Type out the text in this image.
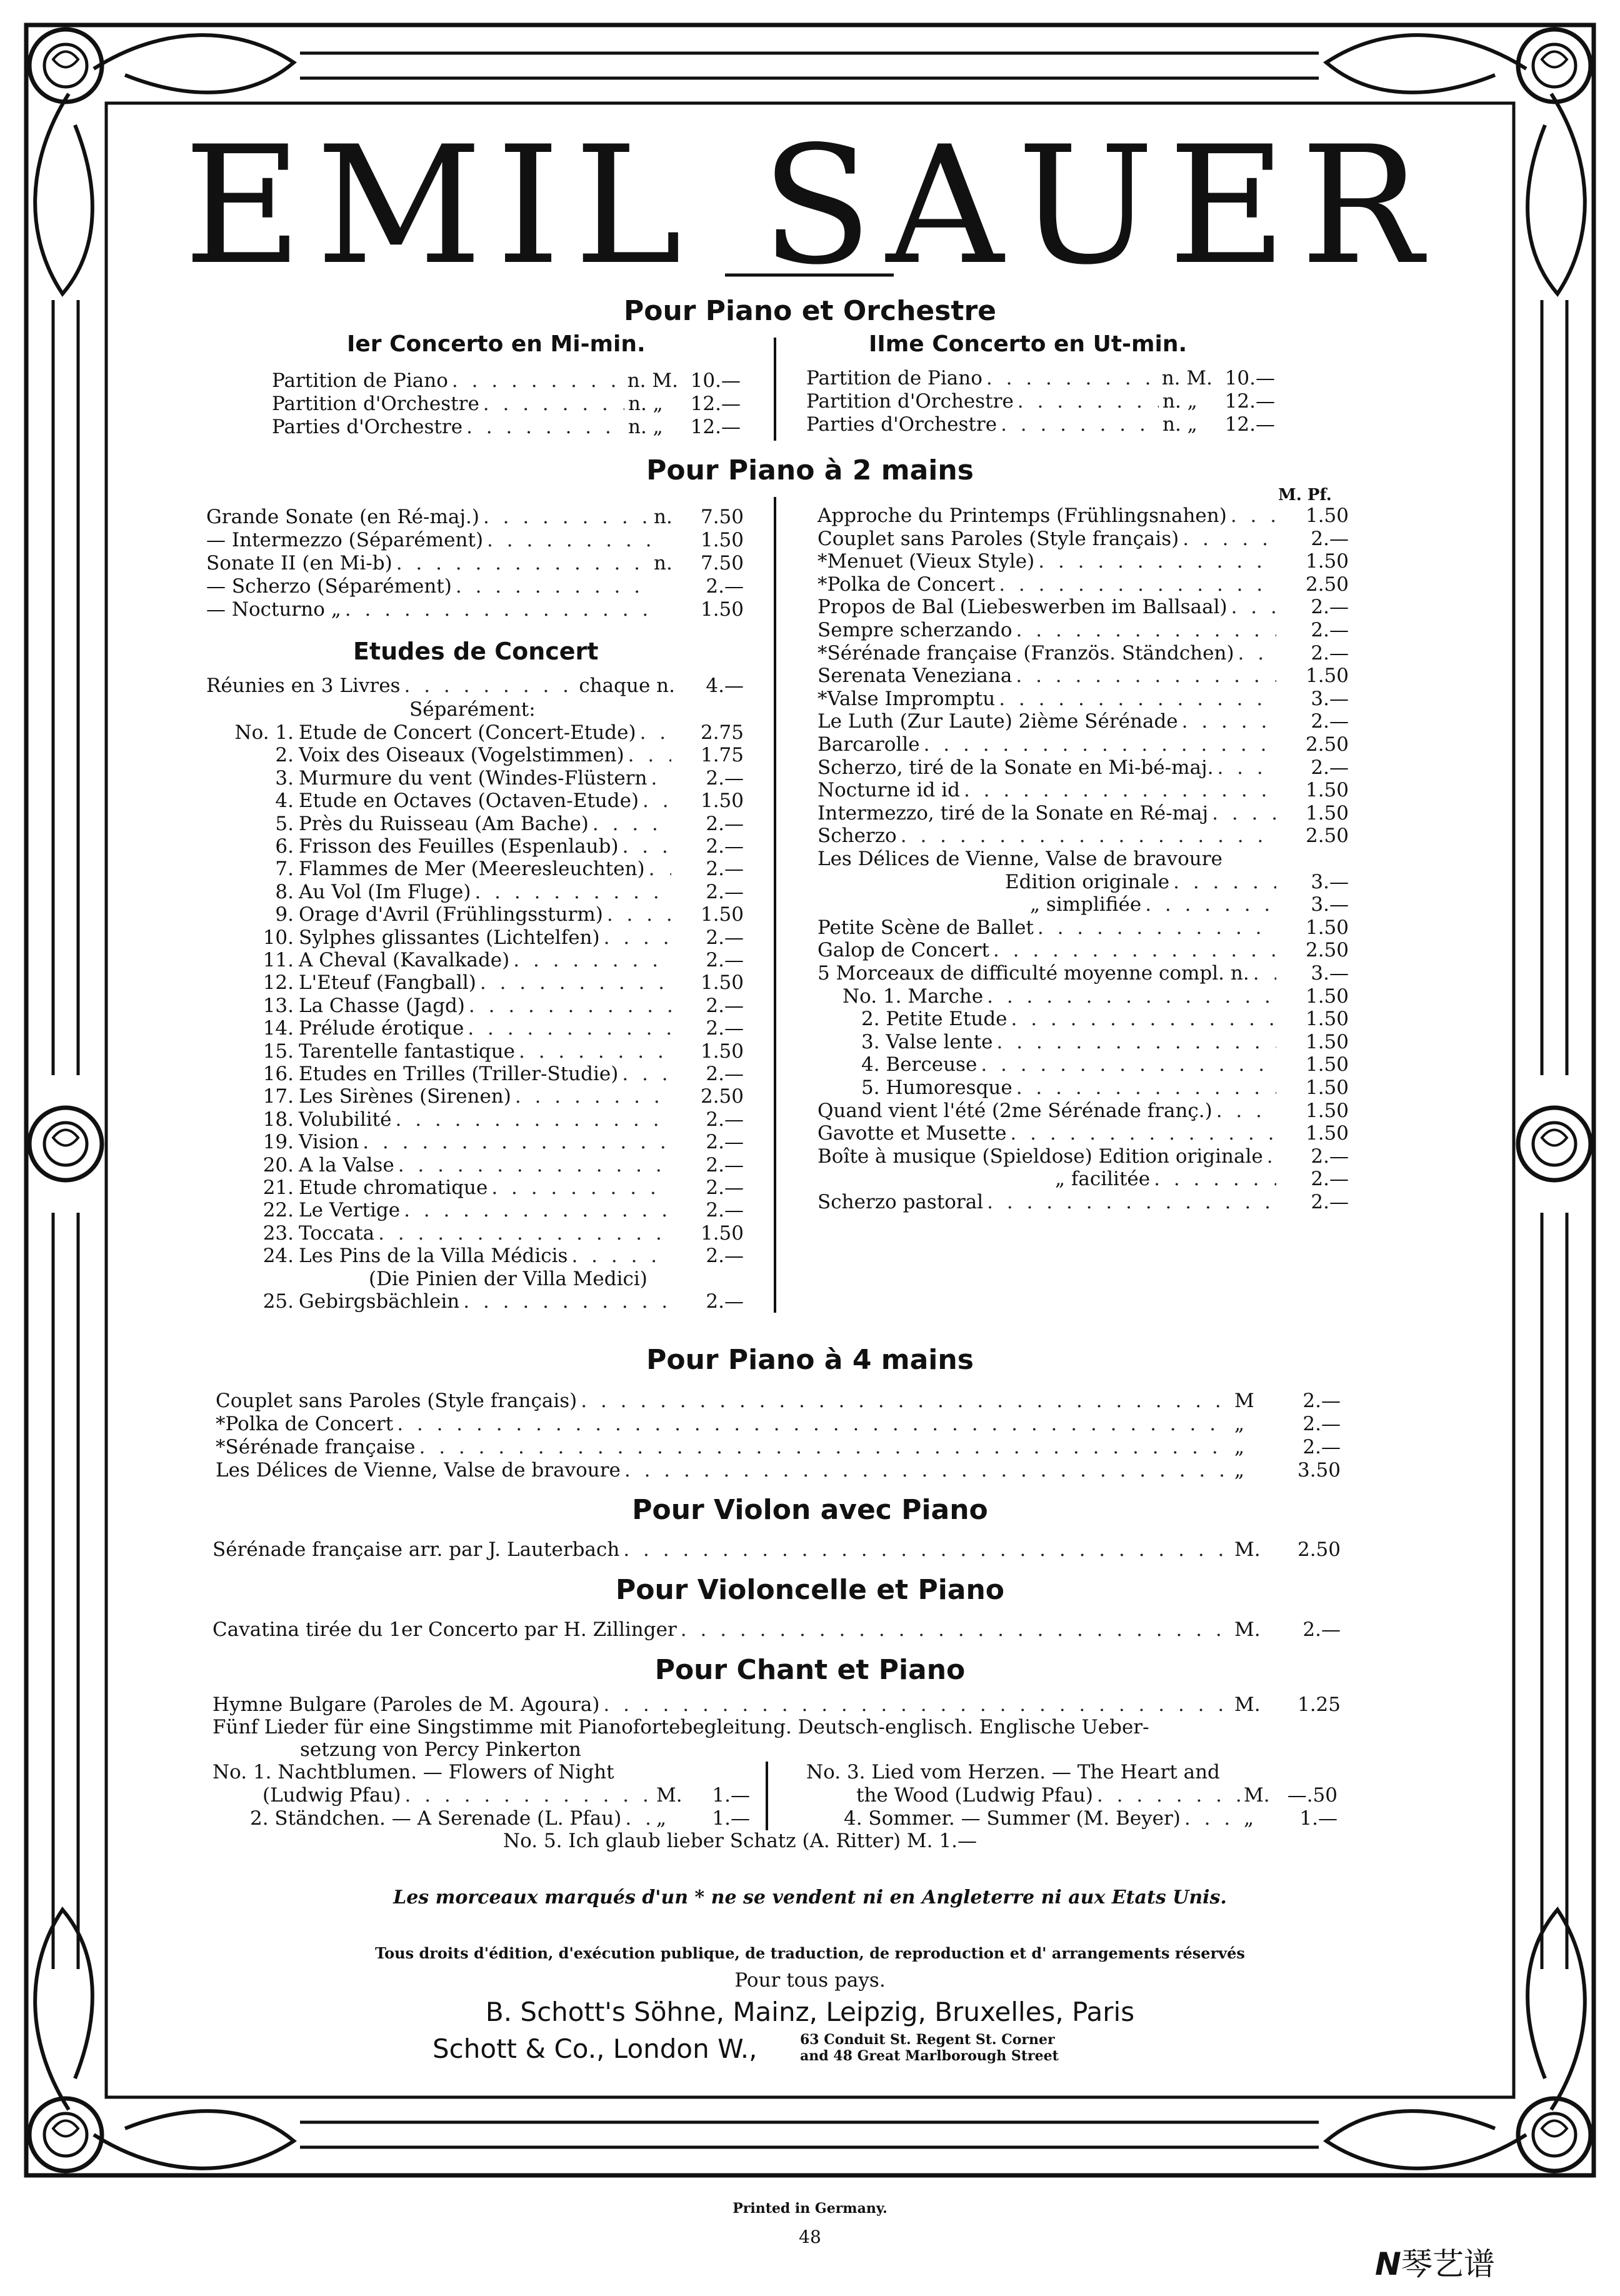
EMIL SAUER
Pour Piano et Orchestre
Ier Concerto en Mi-min.	IIme Concerto en Ut-min.
Partition de Piano . . .	n. M. 10.—
Partition d'Orchestre . . .	n. „	12.—
Parties d'Orchestre . . .	n. „	12.—
Partition de Piano . . .	n. M. 10.—
Partition d'Orchestre . . .	n. „	12.—
Parties d'Orchestre . . .	n. „	12.—
Pour Piano à 2 mains
M. Pf.
Grande Sonate (en Ré-maj.) . . .	n.	7.50
— Intermezzo (Séparément) . . .	1.50
Sonate II (en Mi-b) . . .	n.	7.50
— Scherzo (Séparément) . . .	2.—
— Nocturno „ . . .	1.50
Etudes de Concert
Réunies en 3 Livres . . .	chaque n.	4.—
Séparément:
No. 1. Etude de Concert (Concert-Etude) . . .	2.75
2. Voix des Oiseaux (Vogelstimmen) . . .	1.75
3. Murmure du vent (Windes-Flüstern . . .	2.—
4. Etude en Octaves (Octaven-Etude) . . .	1.50
5. Près du Ruisseau (Am Bache) . . .	2.—
6. Frisson des Feuilles (Espenlaub) . . .	2.—
7. Flammes de Mer (Meeresleuchten) . . .	2.—
8. Au Vol (Im Fluge) . . .	2.—
9. Orage d'Avril (Frühlingssturm) . . .	1.50
10. Sylphes glissantes (Lichtelfen) . . .	2.—
11. A Cheval (Kavalkade) . . .	2.—
12. L'Eteuf (Fangball) . . .	1.50
13. La Chasse (Jagd) . . .	2.—
14. Prélude érotique . . .	2.—
15. Tarentelle fantastique . . .	1.50
16. Etudes en Trilles (Triller-Studie) . . .	2.—
17. Les Sirènes (Sirenen) . . .	2.50
18. Volubilité . . .	2.—
19. Vision . . .	2.—
20. A la Valse . . .	2.—
21. Etude chromatique . . .	2.—
22. Le Vertige . . .	2.—
23. Toccata . . .	1.50
24. Les Pins de la Villa Médicis . . .	2.—
(Die Pinien der Villa Medici)
25. Gebirgsbächlein . . .	2.—
Approche du Printemps (Frühlingsnahen) . . .	1.50
Couplet sans Paroles (Style français) . . .	2.—
*Menuet (Vieux Style) . . .	1.50
*Polka de Concert . . .	2.50
Propos de Bal (Liebeswerben im Ballsaal) . . .	2.—
Sempre scherzando . . .	2.—
*Sérénade française (Französ. Ständchen) . . .	2.—
Serenata Veneziana . . .	1.50
*Valse Impromptu . . .	3.—
Le Luth (Zur Laute) 2ième Sérénade . . .	2.—
Barcarolle . . .	2.50
Scherzo, tiré de la Sonate en Mi-bé-maj. . . .	2.—
Nocturne id id . . .	1.50
Intermezzo, tiré de la Sonate en Ré-maj . . .	1.50
Scherzo . . .	2.50
Les Délices de Vienne, Valse de bravoure
Edition originale . . .	3.—
„ simplifiée . . .	3.—
Petite Scène de Ballet . . .	1.50
Galop de Concert . . .	2.50
5 Morceaux de difficulté moyenne compl. n. . . .	3.—
No. 1. Marche . . .	1.50
2. Petite Etude . . .	1.50
3. Valse lente . . .	1.50
4. Berceuse . . .	1.50
5. Humoresque . . .	1.50
Quand vient l'été (2me Sérénade franç.) . . .	1.50
Gavotte et Musette . . .	1.50
Boîte à musique (Spieldose) Edition originale . . .	2.—
„ facilitée . . .	2.—
Scherzo pastoral . . .	2.—
Pour Piano à 4 mains
Couplet sans Paroles (Style français) . . .	M	2.—
*Polka de Concert . . .	„	2.—
*Sérénade française . . .	„	2.—
Les Délices de Vienne, Valse de bravoure . . .	„	3.50
Pour Violon avec Piano
Sérénade française arr. par J. Lauterbach . . .	M.	2.50
Pour Violoncelle et Piano
Cavatina tirée du 1er Concerto par H. Zillinger . . .	M.	2.—
Pour Chant et Piano
Hymne Bulgare (Paroles de M. Agoura) . . .	M.	1.25
Fünf Lieder für eine Singstimme mit Pianofortebegleitung. Deutsch-englisch. Englische Ueber-
setzung von Percy Pinkerton
No. 1. Nachtblumen. — Flowers of Night
(Ludwig Pfau) . . .	M.	1.—
2. Ständchen. — A Serenade (L. Pfau) . . . „	1.—
No. 3. Lied vom Herzen. — The Heart and
the Wood (Ludwig Pfau) . . .	M. —.50
4. Sommer. — Summer (M. Beyer) . . .	„	1.—
No. 5. Ich glaub lieber Schatz (A. Ritter) M. 1.—
Les morceaux marqués d'un * ne se vendent ni en Angleterre ni aux Etats Unis.
Tous droits d'édition, d'exécution publique, de traduction, de reproduction et d' arrangements réservés
Pour tous pays.
B. Schott's Söhne, Mainz, Leipzig, Bruxelles, Paris
Schott & Co., London W.,	63 Conduit St. Regent St. Corner
and 48 Great Marlborough Street
Printed in Germany.
48
N琴艺谱
